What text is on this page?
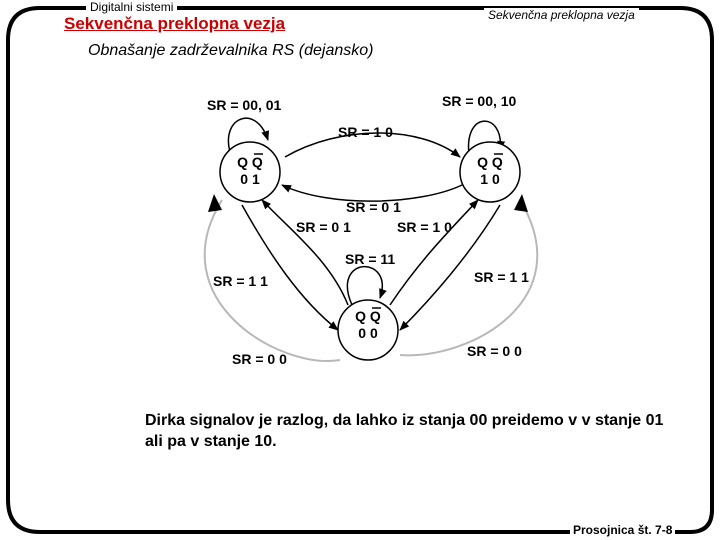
Digitalni sistemi
Sekvenčna preklopna vezja
Sekvenčna preklopna vezja
Obnašanje zadrževalnika RS (dejansko)
Q Q
0 1
Q Q
1 0
Q Q
0 0
SR = 00, 01	SR = 00, 10
SR = 1 0
SR = 0 1
SR = 0 1	SR = 1 0
SR = 11
SR = 1 1	SR = 1 1
SR = 0 0	SR = 0 0
Dirka signalov je razlog, da lahko iz stanja 00 preidemo v v stanje 01 ali pa v stanje 10.
Prosojnica št. 7-8
